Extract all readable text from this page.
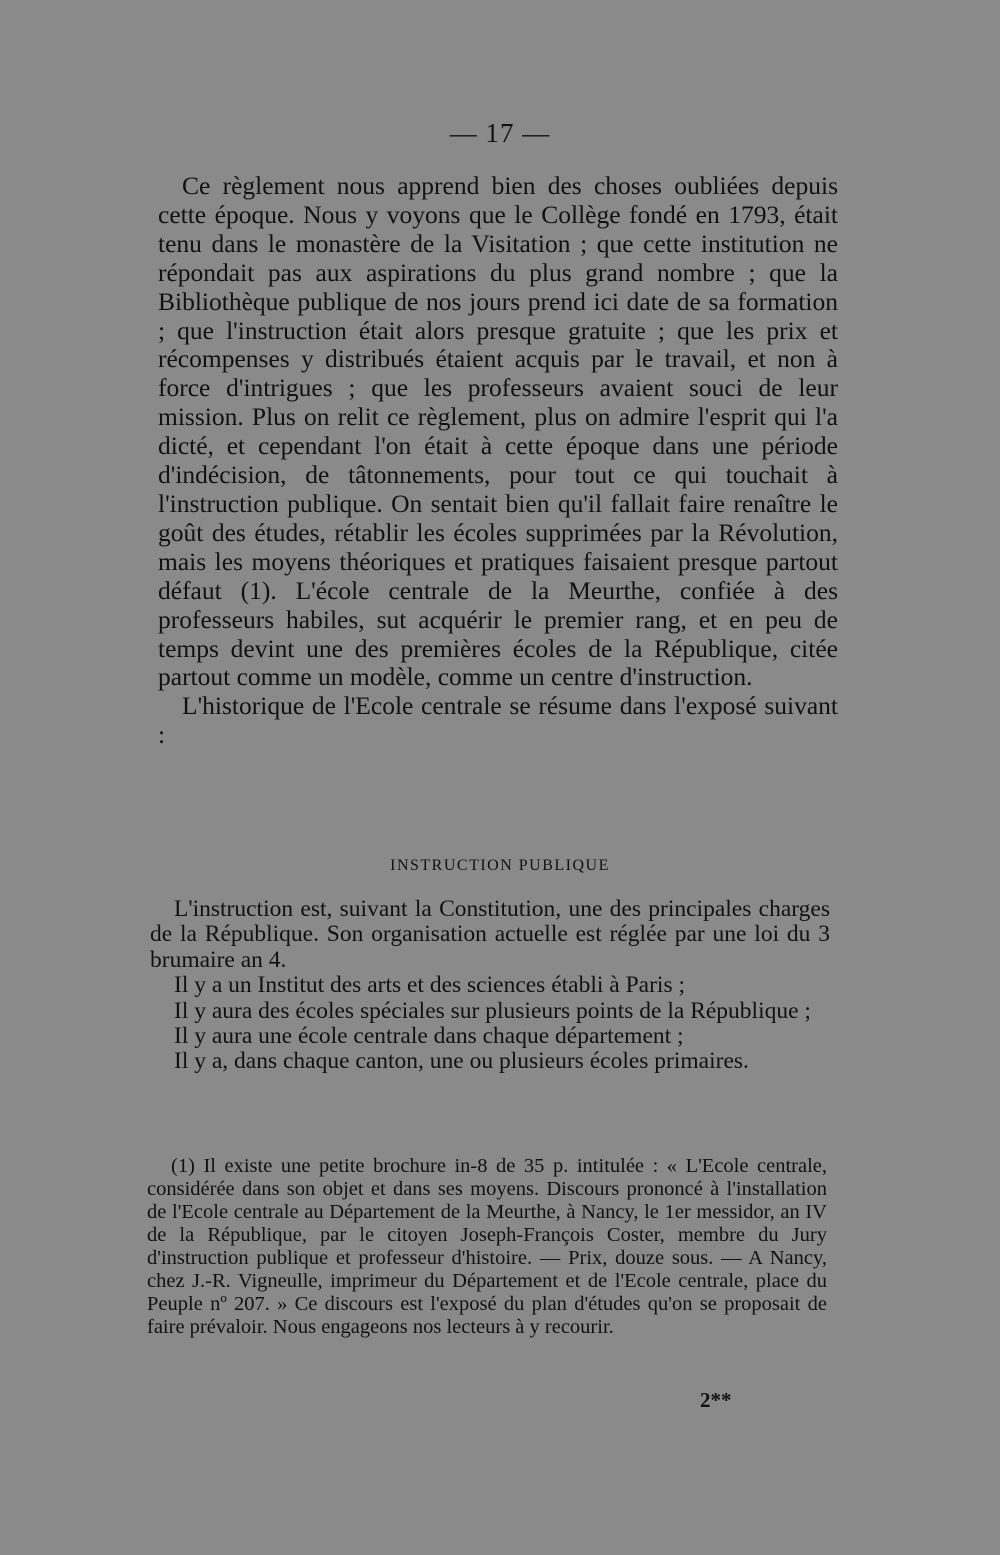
— 17 —

Ce règlement nous apprend bien des choses oubliées depuis cette époque. Nous y voyons que le Collège fondé en 1793, était tenu dans le monastère de la Visitation ; que cette institution ne répondait pas aux aspirations du plus grand nombre ; que la Bibliothèque publique de nos jours prend ici date de sa formation ; que l'instruction était alors presque gratuite ; que les prix et récompenses y distribués étaient acquis par le travail, et non à force d'intrigues ; que les professeurs avaient souci de leur mission. Plus on relit ce règlement, plus on admire l'esprit qui l'a dicté, et cependant l'on était à cette époque dans une période d'indécision, de tâtonnements, pour tout ce qui touchait à l'instruction publique. On sentait bien qu'il fallait faire renaître le goût des études, rétablir les écoles supprimées par la Révolution, mais les moyens théoriques et pratiques faisaient presque partout défaut (1). L'école centrale de la Meurthe, confiée à des professeurs habiles, sut acquérir le premier rang, et en peu de temps devint une des premières écoles de la République, citée partout comme un modèle, comme un centre d'instruction.

L'historique de l'Ecole centrale se résume dans l'exposé suivant :

INSTRUCTION PUBLIQUE

L'instruction est, suivant la Constitution, une des principales charges de la République. Son organisation actuelle est réglée par une loi du 3 brumaire an 4.

Il y a un Institut des arts et des sciences établi à Paris ;

Il y aura des écoles spéciales sur plusieurs points de la République ;

Il y aura une école centrale dans chaque département ;

Il y a, dans chaque canton, une ou plusieurs écoles primaires.

(1) Il existe une petite brochure in-8 de 35 p. intitulée : « L'Ecole centrale, considérée dans son objet et dans ses moyens. Discours prononcé à l'installation de l'Ecole centrale au Département de la Meurthe, à Nancy, le 1er messidor, an IV de la République, par le citoyen Joseph-François Coster, membre du Jury d'instruction publique et professeur d'histoire. — Prix, douze sous. — A Nancy, chez J.-R. Vigneulle, imprimeur du Département et de l'Ecole centrale, place du Peuple nº 207. » Ce discours est l'exposé du plan d'études qu'on se proposait de faire prévaloir. Nous engageons nos lecteurs à y recourir.

2**
